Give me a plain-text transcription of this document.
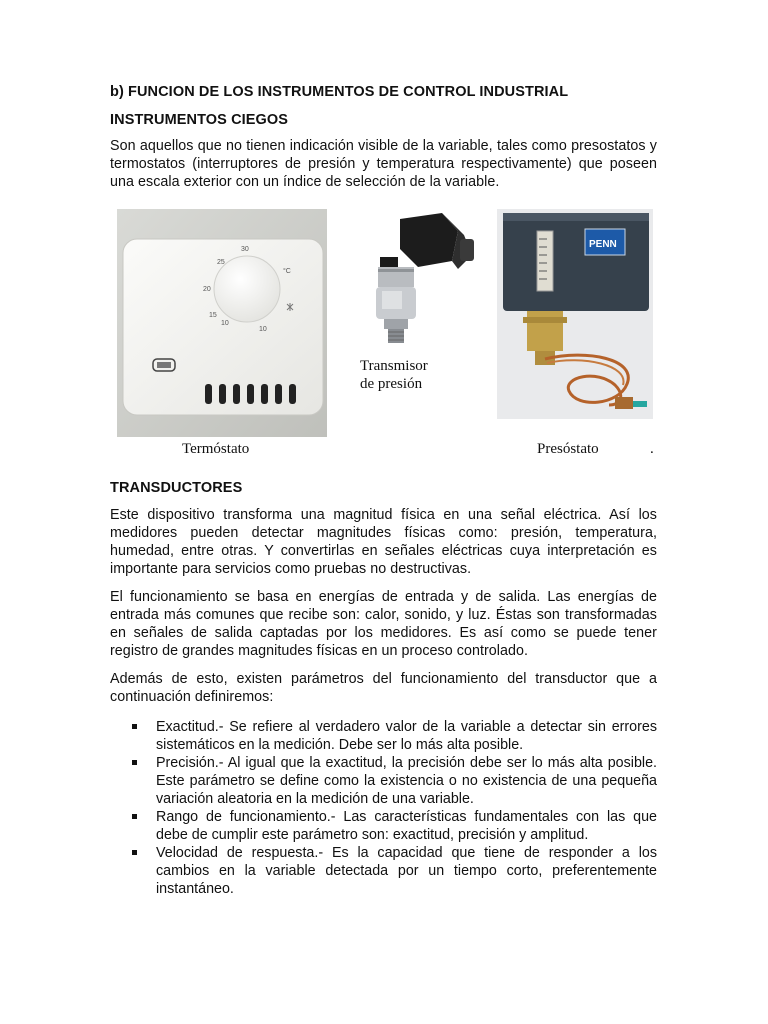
b) FUNCION DE LOS INSTRUMENTOS DE CONTROL INDUSTRIAL
INSTRUMENTOS CIEGOS

Son aquellos que no tienen indicación visible de la variable, tales como presostatos y termostatos (interruptores de presión y temperatura respectivamente) que poseen una escala exterior con un índice de selección de la variable.

30
25
20
15
10
10
°C
PENN
Termóstato
Transmisor
de presión
Presóstato	.
TRANSDUCTORES

Este dispositivo transforma una magnitud física en una señal eléctrica. Así los medidores pueden detectar magnitudes físicas como: presión, temperatura, humedad, entre otras. Y convertirlas en señales eléctricas cuya interpretación es importante para servicios como pruebas no destructivas.

El funcionamiento se basa en energías de entrada y de salida. Las energías de entrada más comunes que recibe son: calor, sonido, y luz. Éstas son transformadas en señales de salida captadas por los medidores. Es así como se puede tener registro de grandes magnitudes físicas en un proceso controlado.

Además de esto, existen parámetros del funcionamiento del transductor que a continuación definiremos:

Exactitud.- Se refiere al verdadero valor de la variable a detectar sin errores sistemáticos en la medición. Debe ser lo más alta posible.
Precisión.- Al igual que la exactitud, la precisión debe ser lo más alta posible. Este parámetro se define como la existencia o no existencia de una pequeña variación aleatoria en la medición de una variable.
Rango de funcionamiento.- Las características fundamentales con las que debe de cumplir este parámetro son: exactitud, precisión y amplitud.
Velocidad de respuesta.- Es la capacidad que tiene de responder a los cambios en la variable detectada por un tiempo corto, preferentemente instantáneo.
